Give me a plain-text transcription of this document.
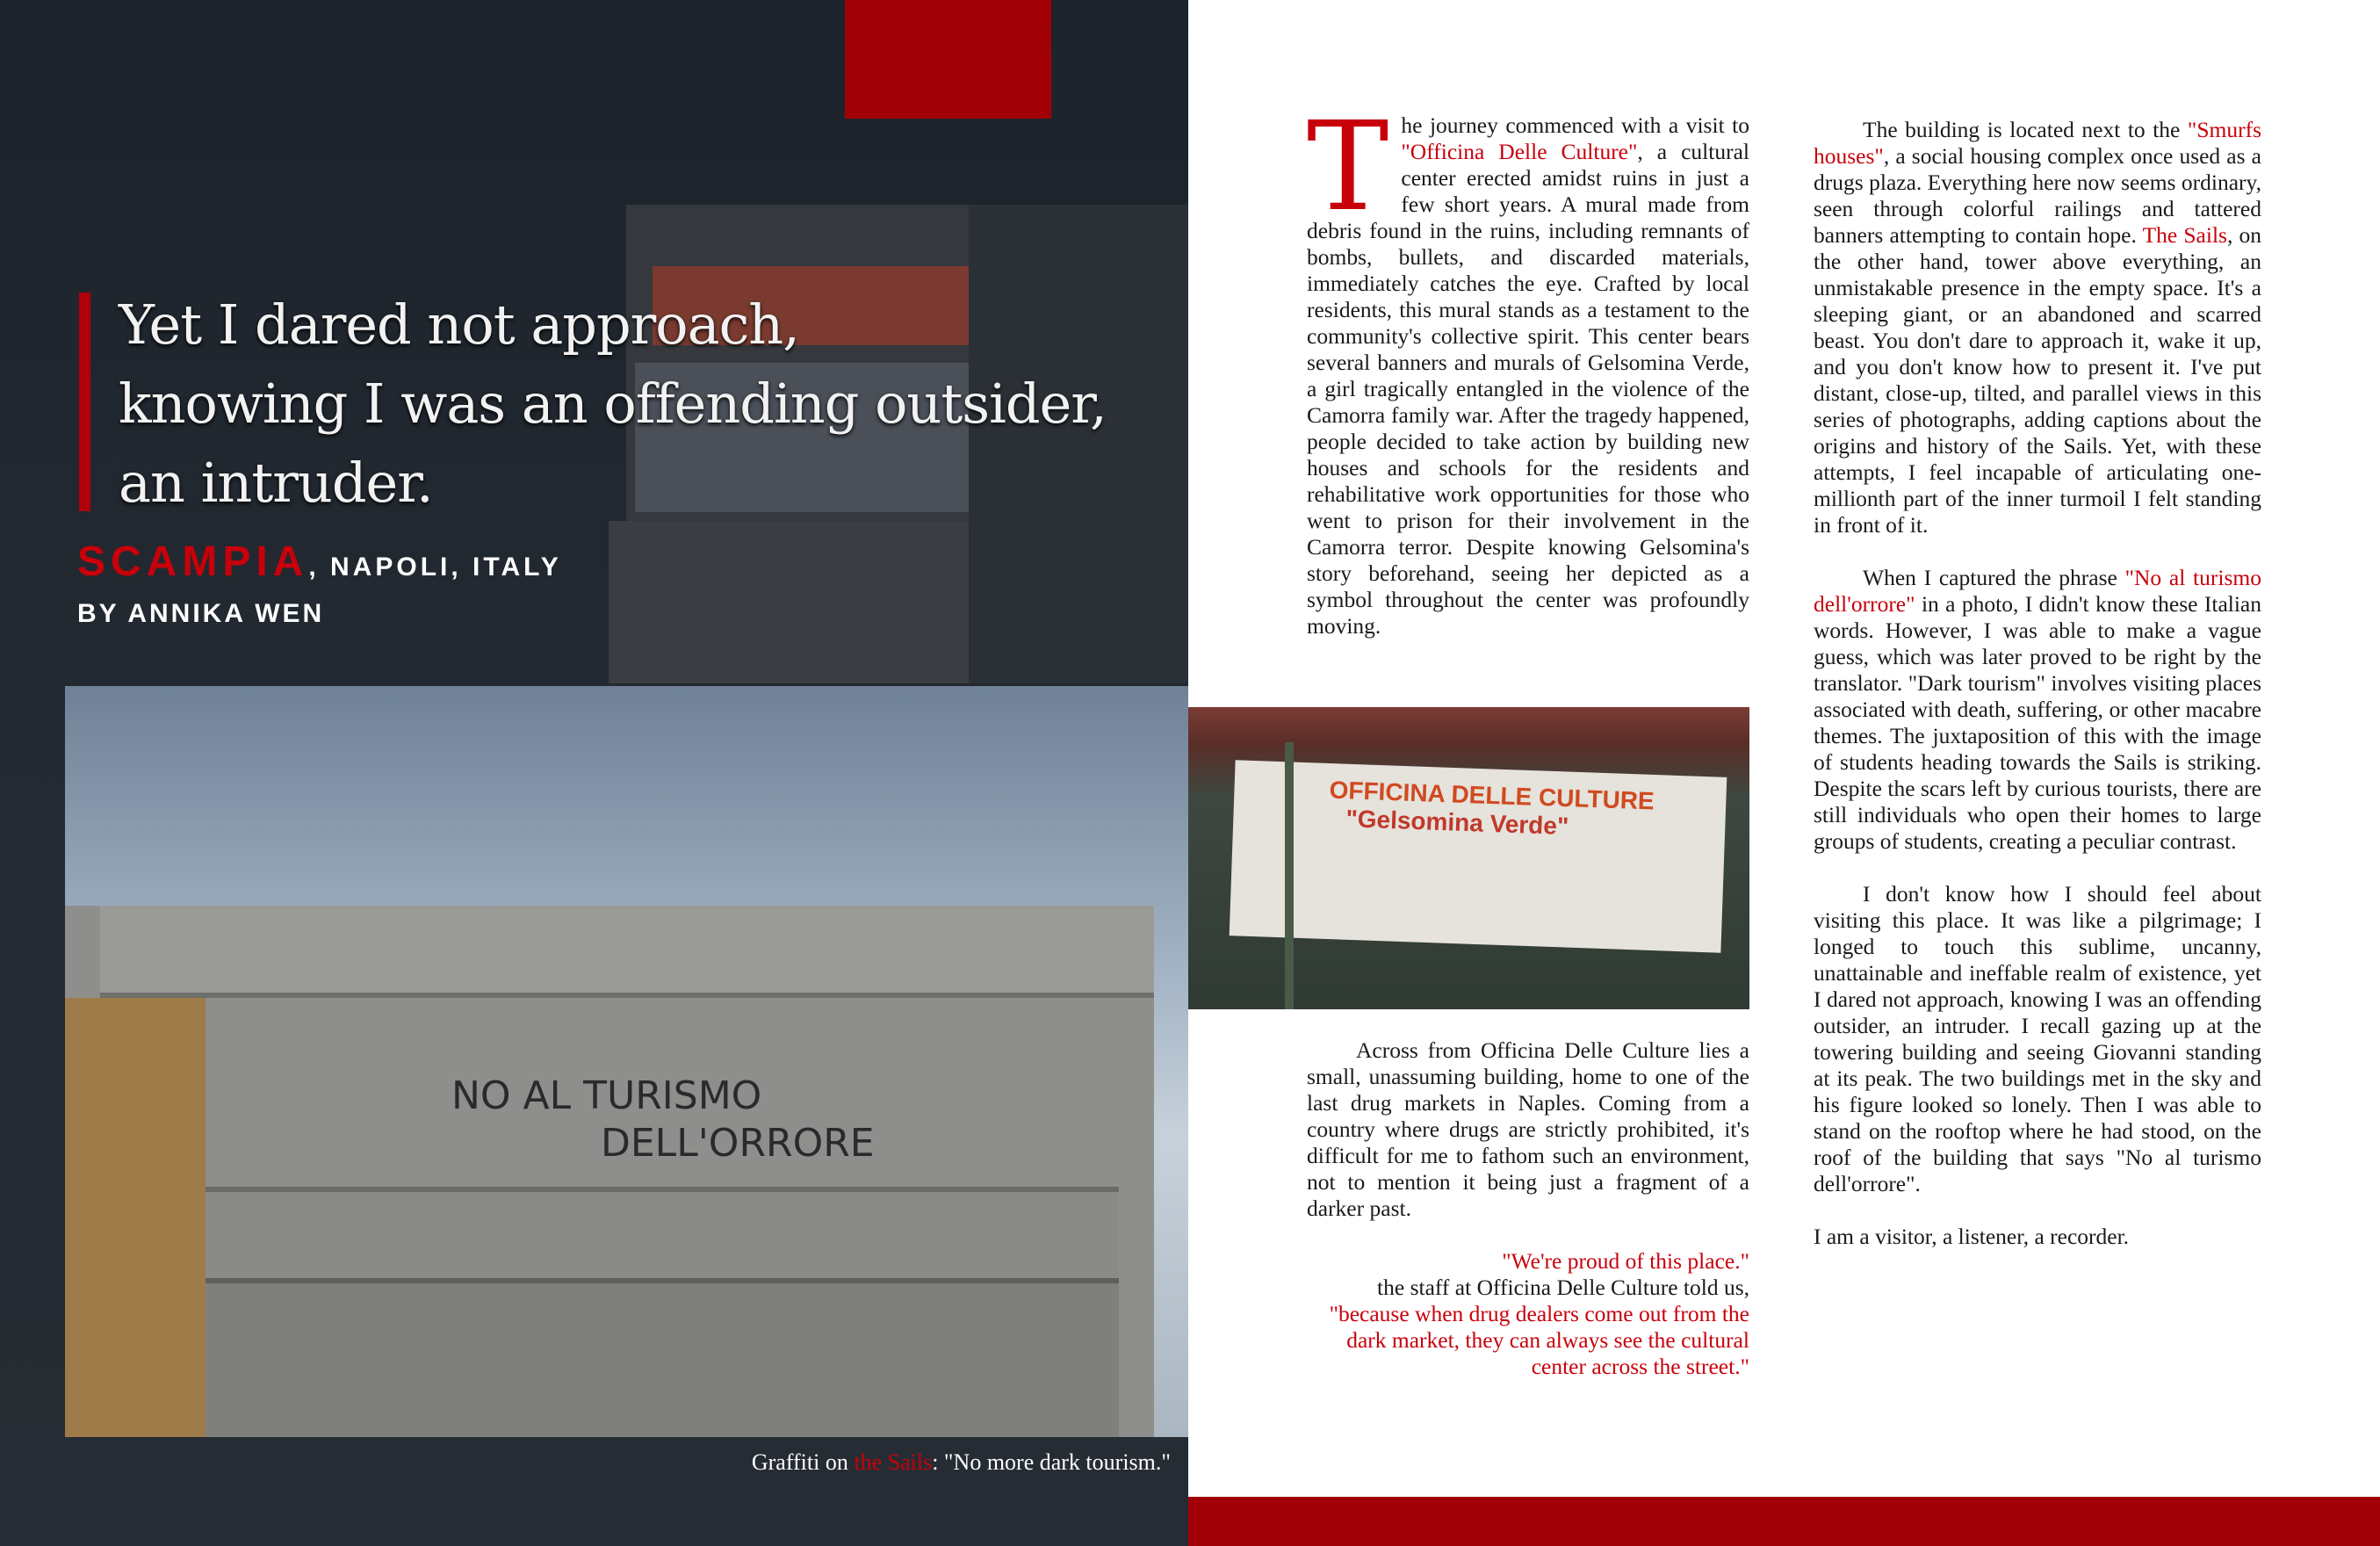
Yet I dared not approach,
knowing I was an offending outsider,
an intruder.
SCAMPIA, NAPOLI, ITALY
BY ANNIKA WEN
NO AL TURISMO
DELL'ORRORE
Graffiti on the Sails: "No more dark tourism."
The journey commenced with a visit to "Officina Delle Culture", a cultural center erected amidst ruins in just a few short years. A mural made from debris found in the ruins, including remnants of bombs, bullets, and discarded materials, immediately catches the eye. Crafted by local residents, this mural stands as a testament to the community's collective spirit. This center bears several banners and murals of Gelsomina Verde, a girl tragically entangled in the violence of the Camorra family war. After the tragedy happened, people decided to take action by building new houses and schools for the residents and rehabilitative work opportunities for those who went to prison for their involvement in the Camorra terror. Despite knowing Gelsomina's story beforehand, seeing her depicted as a symbol throughout the center was profoundly moving.
OFFICINA DELLE CULTURE
"Gelsomina Verde"

Across from Officina Delle Culture lies a small, unassuming building, home to one of the last drug markets in Naples. Coming from a country where drugs are strictly prohibited, it's difficult for me to fathom such an environment, not to mention it being just a fragment of a darker past.

"We're proud of this place."
the staff at Officina Delle Culture told us,
"because when drug dealers come out from the dark market, they can always see the cultural center across the street."

The building is located next to the "Smurfs houses", a social housing complex once used as a drugs plaza. Everything here now seems ordinary, seen through colorful railings and tattered banners attempting to contain hope. The Sails, on the other hand, tower above everything, an unmistakable presence in the empty space. It's a sleeping giant, or an abandoned and scarred beast. You don't dare to approach it, wake it up, and you don't know how to present it. I've put distant, close-up, tilted, and parallel views in this series of photographs, adding captions about the origins and history of the Sails. Yet, with these attempts, I feel incapable of articulating one-millionth part of the inner turmoil I felt standing in front of it.

When I captured the phrase "No al turismo dell'orrore" in a photo, I didn't know these Italian words. However, I was able to make a vague guess, which was later proved to be right by the translator. "Dark tourism" involves visiting places associated with death, suffering, or other macabre themes. The juxtaposition of this with the image of students heading towards the Sails is striking. Despite the scars left by curious tourists, there are still individuals who open their homes to large groups of students, creating a peculiar contrast.

I don't know how I should feel about visiting this place. It was like a pilgrimage; I longed to touch this sublime, uncanny, unattainable and ineffable realm of existence, yet I dared not approach, knowing I was an offending outsider, an intruder. I recall gazing up at the towering building and seeing Giovanni standing at its peak. The two buildings met in the sky and his figure looked so lonely. Then I was able to stand on the rooftop where he had stood, on the roof of the building that says "No al turismo dell'orrore".

I am a visitor, a listener, a recorder.
